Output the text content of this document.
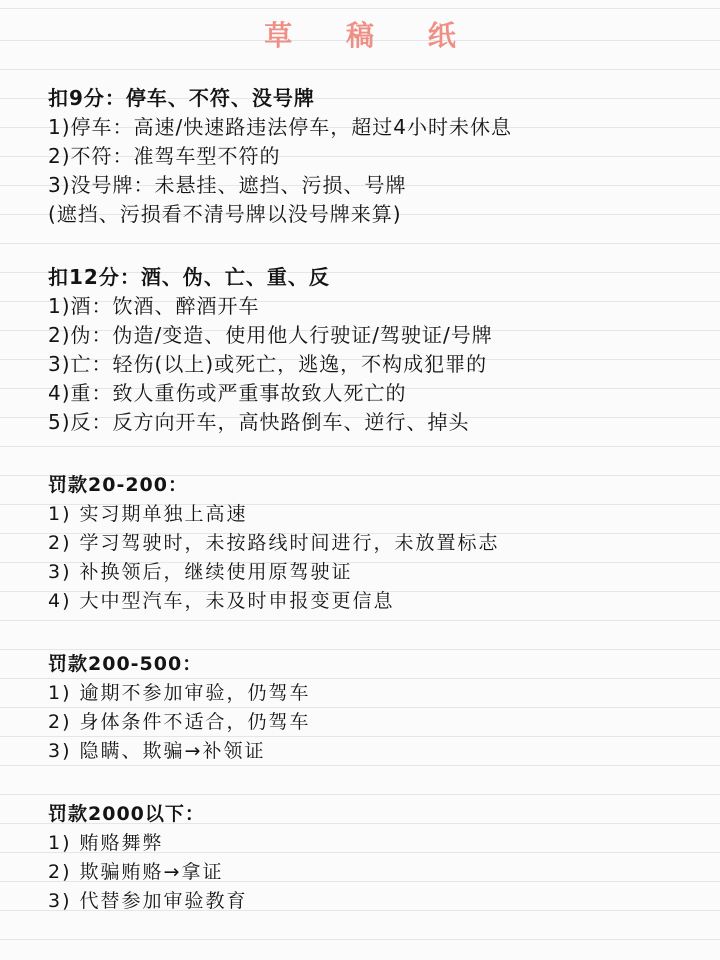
草 稿 纸
扣9分：停车、不符、没号牌
1)停车：高速/快速路违法停车，超过4小时未休息
2)不符：准驾车型不符的
3)没号牌：未悬挂、遮挡、污损、号牌
(遮挡、污损看不清号牌以没号牌来算)
扣12分：酒、伪、亡、重、反
1)酒：饮酒、醉酒开车
2)伪：伪造/变造、使用他人行驶证/驾驶证/号牌
3)亡：轻伤(以上)或死亡，逃逸，不构成犯罪的
4)重：致人重伤或严重事故致人死亡的
5)反：反方向开车，高快路倒车、逆行、掉头
罚款20-200：
1) 实习期单独上高速
2) 学习驾驶时，未按路线时间进行，未放置标志
3) 补换领后，继续使用原驾驶证
4) 大中型汽车，未及时申报变更信息
罚款200-500：
1) 逾期不参加审验，仍驾车
2) 身体条件不适合，仍驾车
3) 隐瞒、欺骗→补领证
罚款2000以下：
1) 贿赂舞弊
2) 欺骗贿赂→拿证
3) 代替参加审验教育
